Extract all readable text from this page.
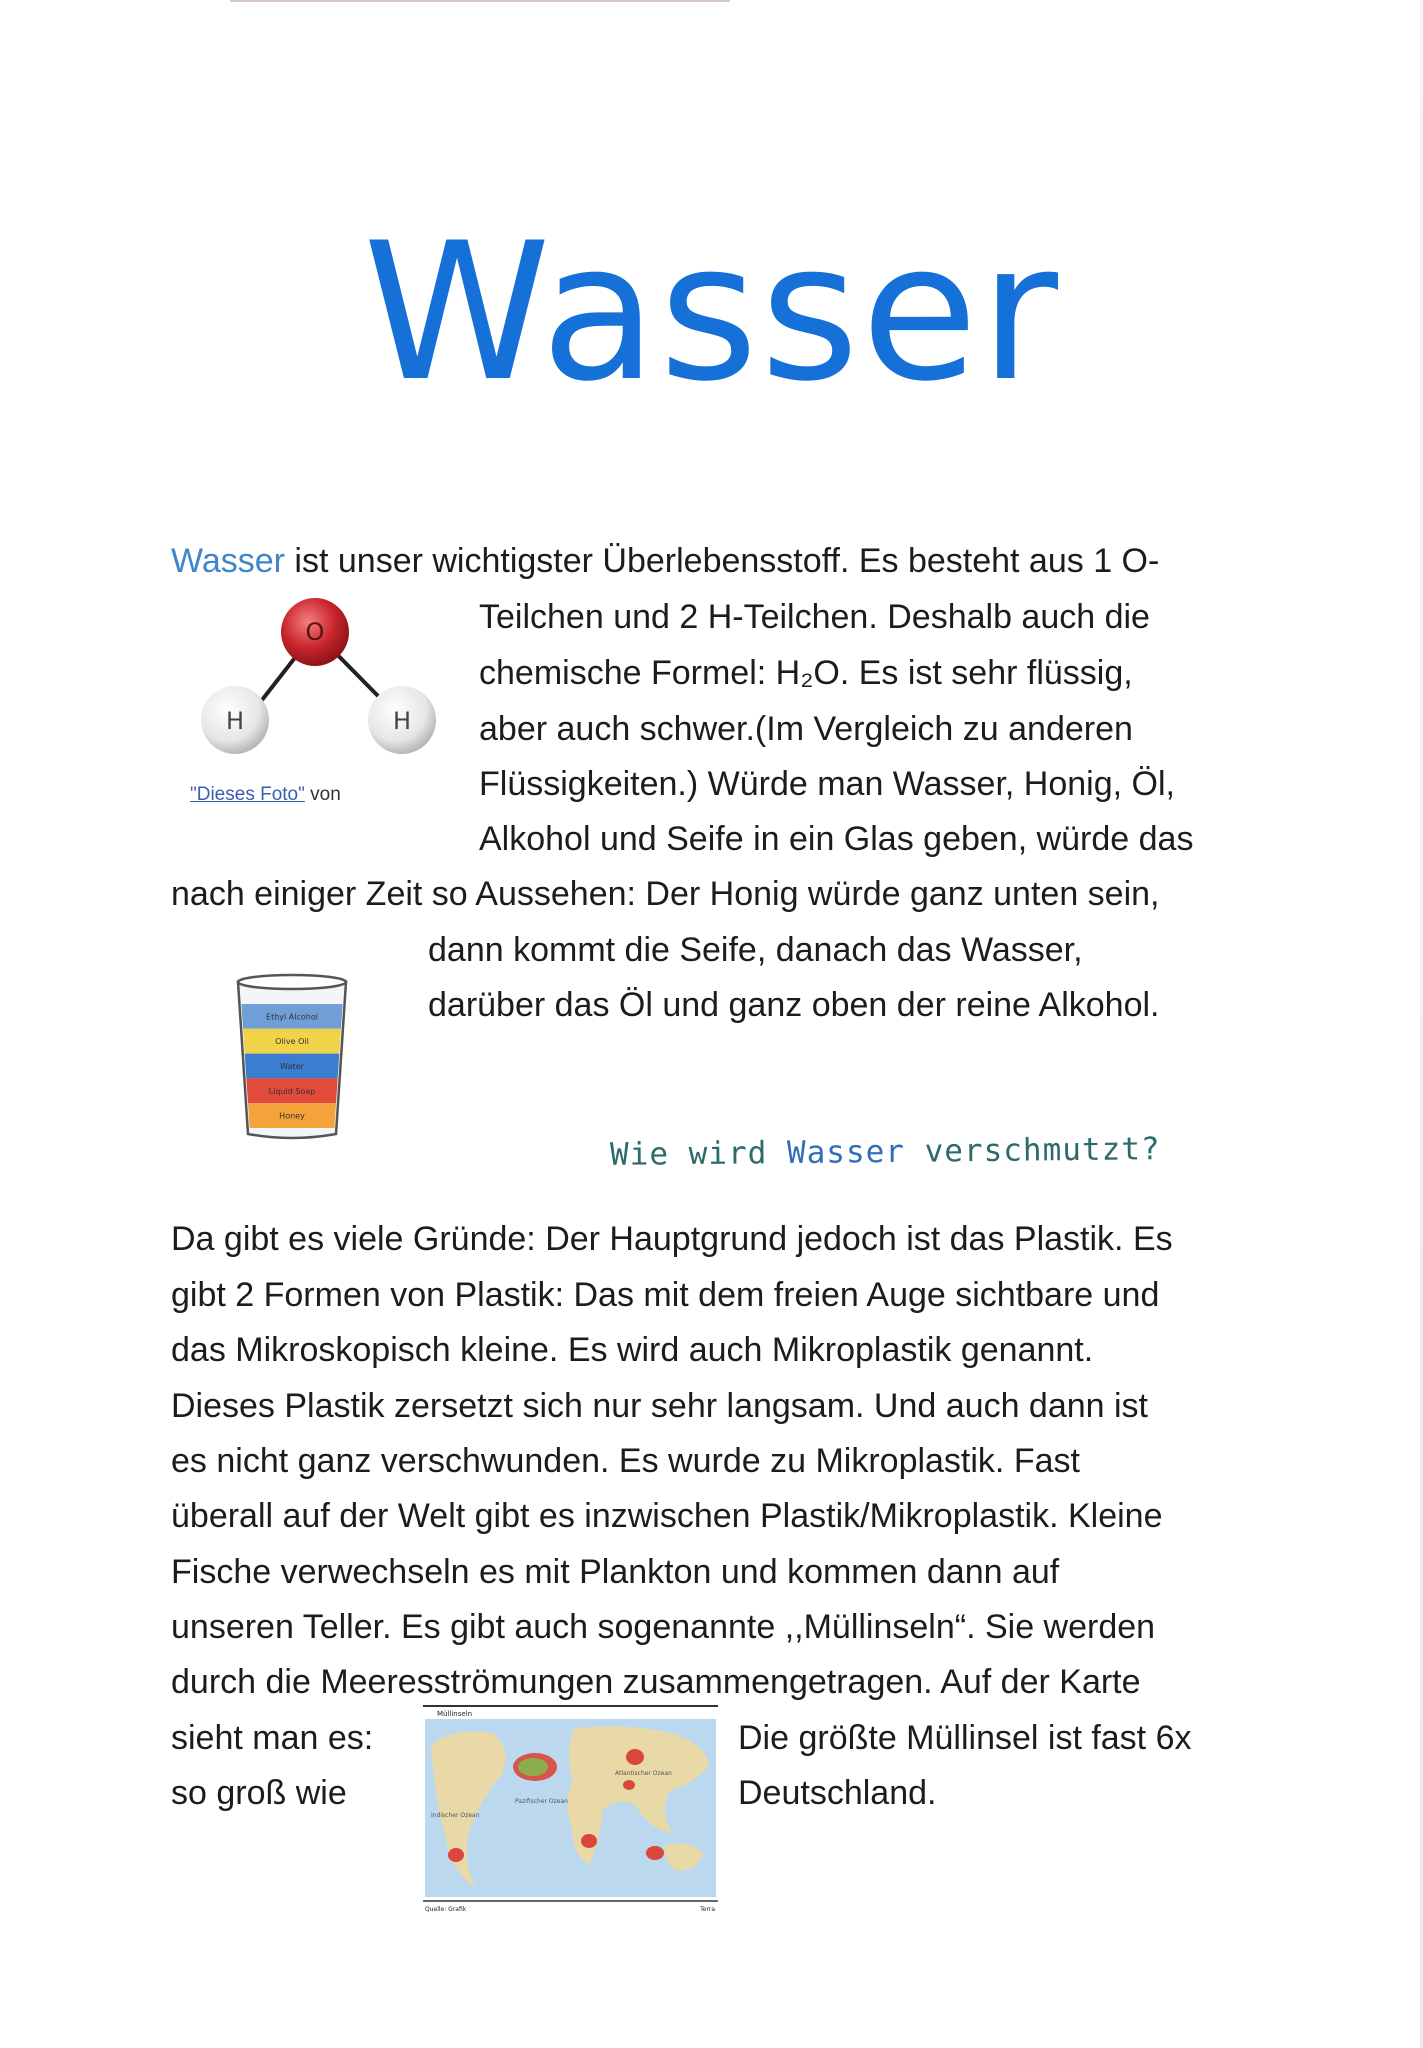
Wasser
Wasser ist unser wichtigster Überlebensstoff. Es besteht aus 1 O-
Teilchen und 2 H-Teilchen. Deshalb auch die
chemische Formel: H₂O. Es ist sehr flüssig,
aber auch schwer.(Im Vergleich zu anderen
Flüssigkeiten.) Würde man Wasser, Honig, Öl,
Alkohol und Seife in ein Glas geben, würde das
nach einiger Zeit so Aussehen: Der Honig würde ganz unten sein,
dann kommt die Seife, danach das Wasser,
darüber das Öl und ganz oben der reine Alkohol.
O
H	H
"Dieses Foto" von
Ethyl Alcohol
Olive Oil
Water
Liquid Soap
Honey
Wie wird Wasser verschmutzt?
Da gibt es viele Gründe: Der Hauptgrund jedoch ist das Plastik. Es
gibt 2 Formen von Plastik: Das mit dem freien Auge sichtbare und
das Mikroskopisch kleine. Es wird auch Mikroplastik genannt.
Dieses Plastik zersetzt sich nur sehr langsam. Und auch dann ist
es nicht ganz verschwunden. Es wurde zu Mikroplastik. Fast
überall auf der Welt gibt es inzwischen Plastik/Mikroplastik. Kleine
Fische verwechseln es mit Plankton und kommen dann auf
unseren Teller. Es gibt auch sogenannte ,,Müllinseln“. Sie werden
durch die Meeresströmungen zusammengetragen. Auf der Karte
sieht man es:
so groß wie
Die größte Müllinsel ist fast 6x
Deutschland.
Müllinseln
Indischer Ozean
Pazifischer Ozean
Atlantischer Ozean
Quelle: Grafik	Terra
